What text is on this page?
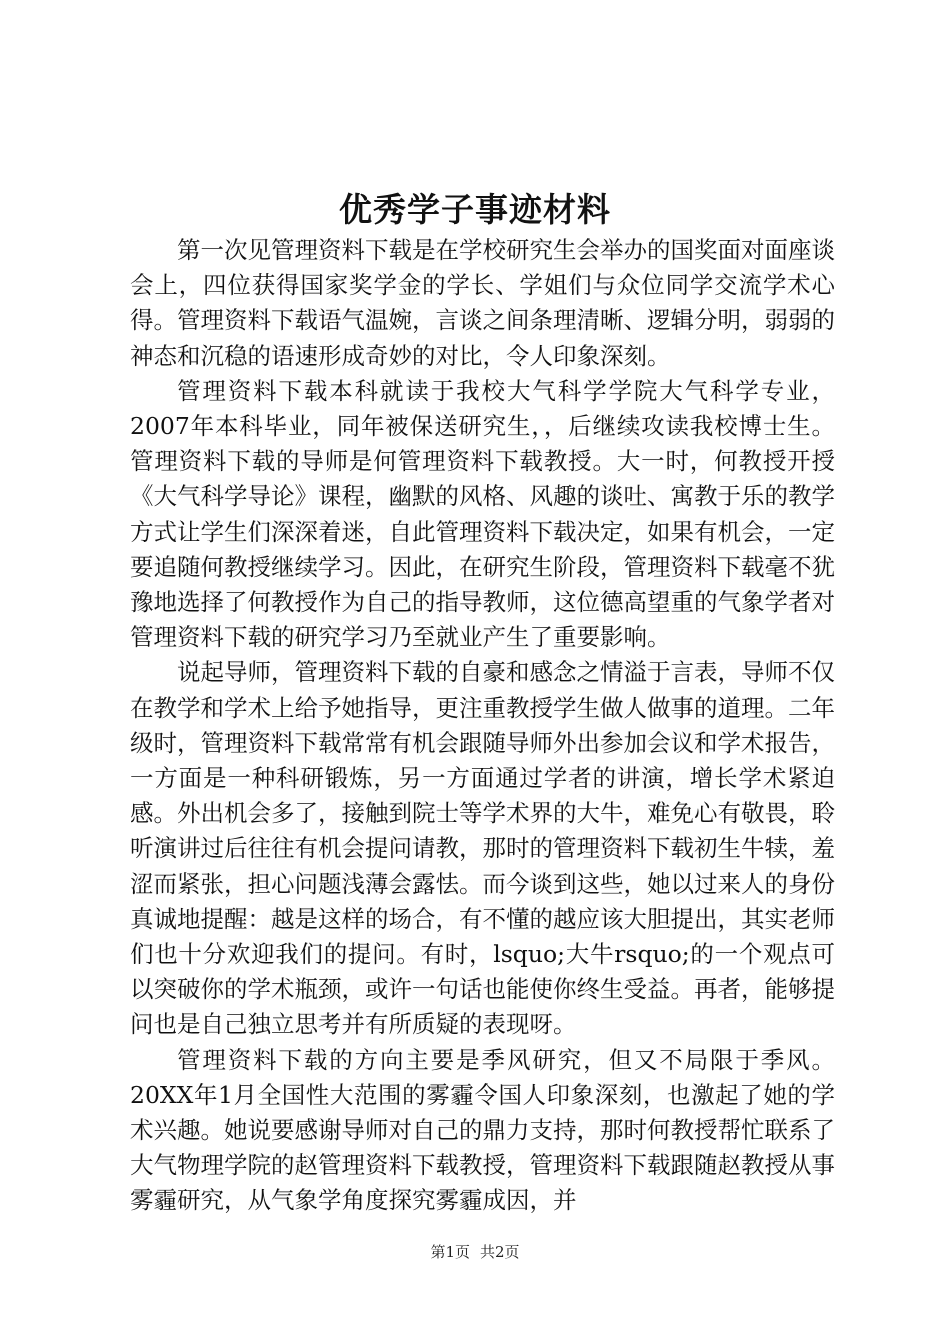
优秀学子事迹材料

第一次见管理资料下载是在学校研究生会举办的国奖面对面座谈会上，四位获得国家奖学金的学长、学姐们与众位同学交流学术心得。管理资料下载语气温婉，言谈之间条理清晰、逻辑分明，弱弱的神态和沉稳的语速形成奇妙的对比，令人印象深刻。

管理资料下载本科就读于我校大气科学学院大气科学专业，2007年本科毕业，同年被保送研究生，，后继续攻读我校博士生。管理资料下载的导师是何管理资料下载教授。大一时，何教授开授《大气科学导论》课程，幽默的风格、风趣的谈吐、寓教于乐的教学方式让学生们深深着迷，自此管理资料下载决定，如果有机会，一定要追随何教授继续学习。因此，在研究生阶段，管理资料下载毫不犹豫地选择了何教授作为自己的指导教师，这位德高望重的气象学者对管理资料下载的研究学习乃至就业产生了重要影响。

说起导师，管理资料下载的自豪和感念之情溢于言表，导师不仅在教学和学术上给予她指导，更注重教授学生做人做事的道理。二年级时，管理资料下载常常有机会跟随导师外出参加会议和学术报告，一方面是一种科研锻炼，另一方面通过学者的讲演，增长学术紧迫感。外出机会多了，接触到院士等学术界的大牛，难免心有敬畏，聆听演讲过后往往有机会提问请教，那时的管理资料下载初生牛犊，羞涩而紧张，担心问题浅薄会露怯。而今谈到这些，她以过来人的身份真诚地提醒：越是这样的场合，有不懂的越应该大胆提出，其实老师们也十分欢迎我们的提问。有时，lsquo;大牛rsquo;的一个观点可以突破你的学术瓶颈，或许一句话也能使你终生受益。再者，能够提问也是自己独立思考并有所质疑的表现呀。

管理资料下载的方向主要是季风研究，但又不局限于季风。20XX年1月全国性大范围的雾霾令国人印象深刻，也激起了她的学术兴趣。她说要感谢导师对自己的鼎力支持，那时何教授帮忙联系了大气物理学院的赵管理资料下载教授，管理资料下载跟随赵教授从事雾霾研究，从气象学角度探究雾霾成因，并

第1页 共2页
